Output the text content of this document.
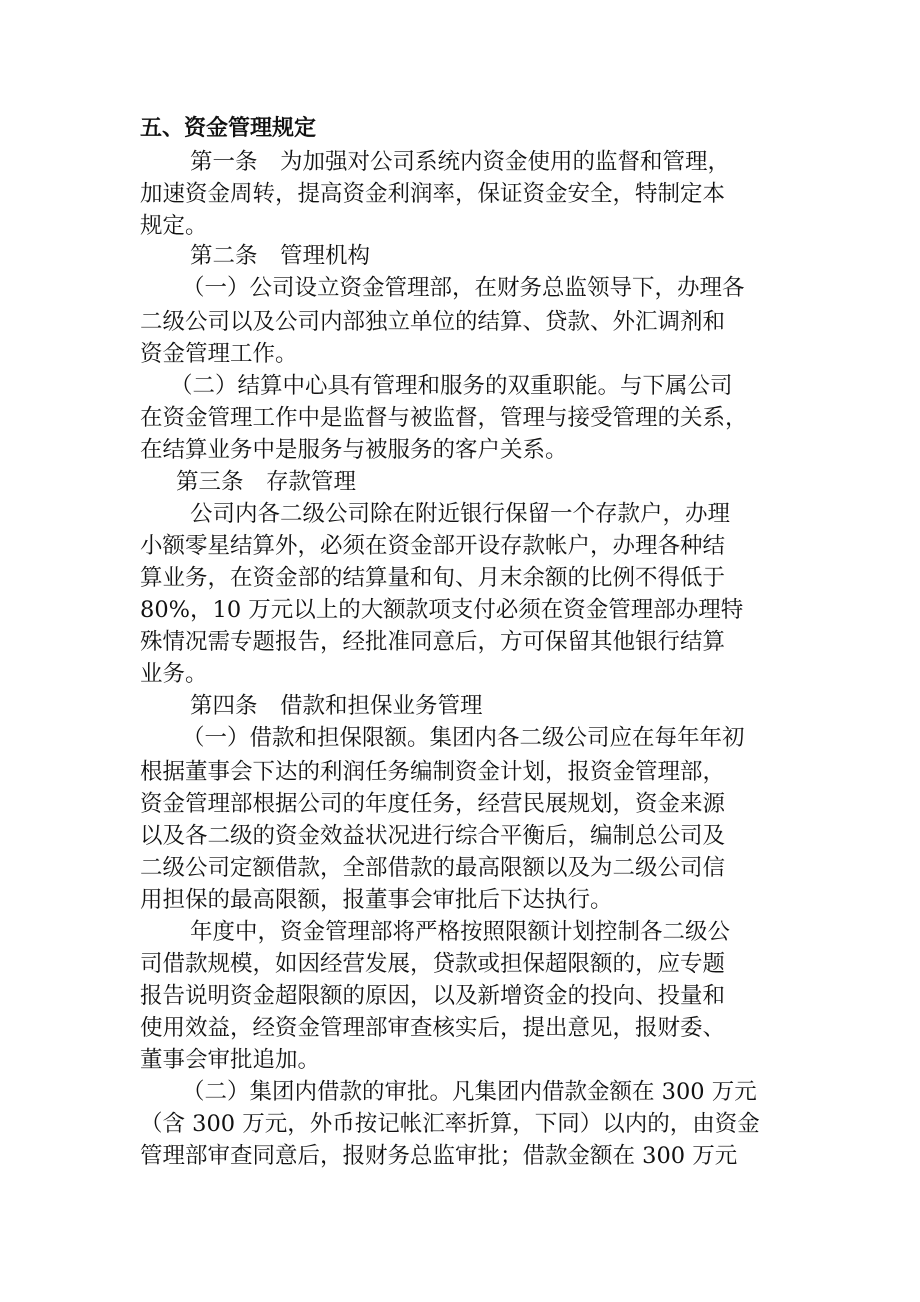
五、资金管理规定
第一条　为加强对公司系统内资金使用的监督和管理，
加速资金周转，提高资金利润率，保证资金安全，特制定本
规定。
第二条　管理机构
（一）公司设立资金管理部，在财务总监领导下，办理各
二级公司以及公司内部独立单位的结算、贷款、外汇调剂和
资金管理工作。
（二）结算中心具有管理和服务的双重职能。与下属公司
在资金管理工作中是监督与被监督，管理与接受管理的关系，
在结算业务中是服务与被服务的客户关系。
第三条　存款管理
公司内各二级公司除在附近银行保留一个存款户，办理
小额零星结算外，必须在资金部开设存款帐户，办理各种结
算业务，在资金部的结算量和旬、月末余额的比例不得低于
80%，10 万元以上的大额款项支付必须在资金管理部办理特
殊情况需专题报告，经批准同意后，方可保留其他银行结算
业务。
第四条　借款和担保业务管理
（一）借款和担保限额。集团内各二级公司应在每年年初
根据董事会下达的利润任务编制资金计划，报资金管理部，
资金管理部根据公司的年度任务，经营民展规划，资金来源
以及各二级的资金效益状况进行综合平衡后，编制总公司及
二级公司定额借款，全部借款的最高限额以及为二级公司信
用担保的最高限额，报董事会审批后下达执行。
年度中，资金管理部将严格按照限额计划控制各二级公
司借款规模，如因经营发展，贷款或担保超限额的，应专题
报告说明资金超限额的原因，以及新增资金的投向、投量和
使用效益，经资金管理部审查核实后，提出意见，报财委、
董事会审批追加。
（二）集团内借款的审批。凡集团内借款金额在 300 万元
（含 300 万元，外币按记帐汇率折算，下同）以内的，由资金
管理部审查同意后，报财务总监审批；借款金额在 300 万元
